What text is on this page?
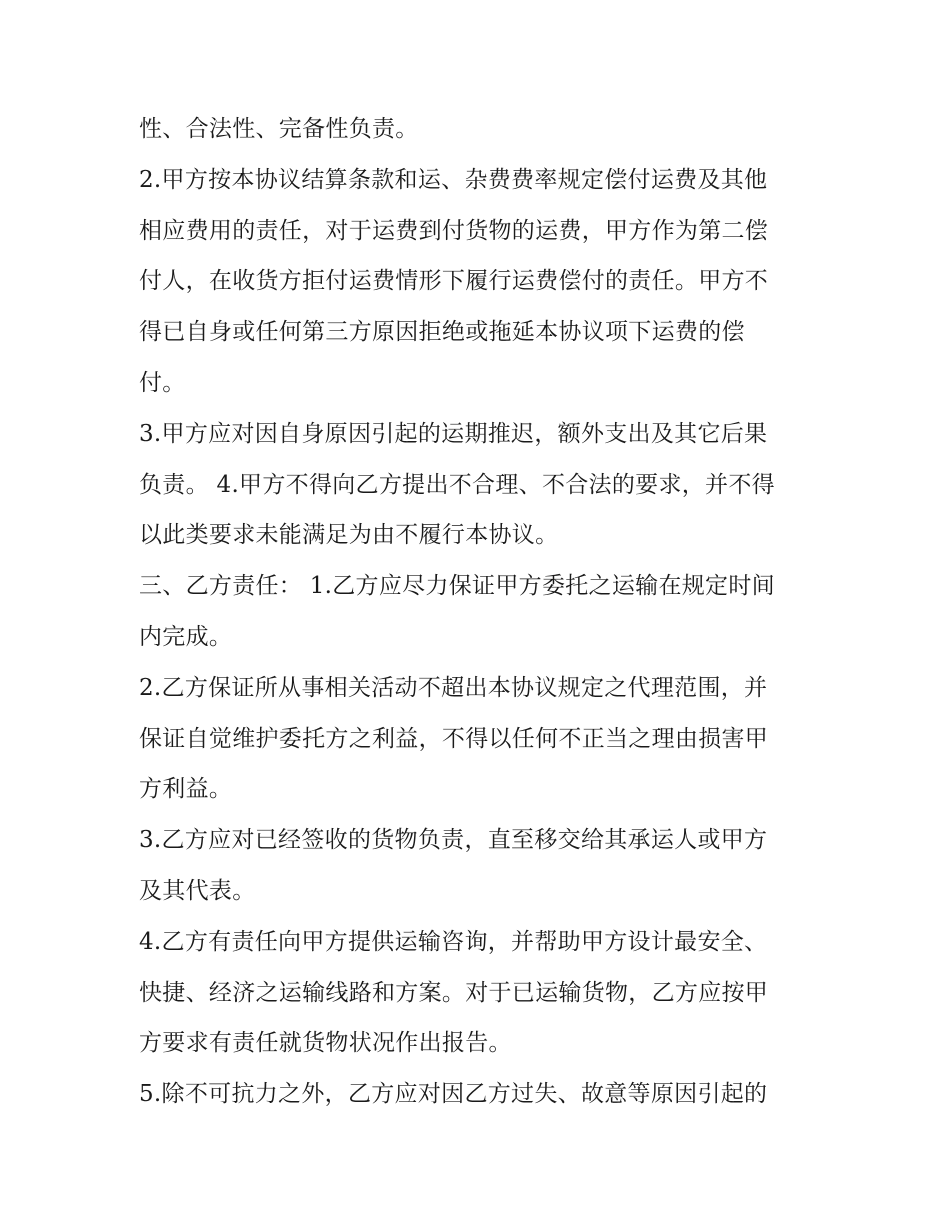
性、合法性、完备性负责。
2.甲方按本协议结算条款和运、杂费费率规定偿付运费及其他
相应费用的责任，对于运费到付货物的运费，甲方作为第二偿
付人，在收货方拒付运费情形下履行运费偿付的责任。甲方不
得已自身或任何第三方原因拒绝或拖延本协议项下运费的偿
付。
3.甲方应对因自身原因引起的运期推迟，额外支出及其它后果
负责。 4.甲方不得向乙方提出不合理、不合法的要求，并不得
以此类要求未能满足为由不履行本协议。
三、乙方责任： 1.乙方应尽力保证甲方委托之运输在规定时间
内完成。
2.乙方保证所从事相关活动不超出本协议规定之代理范围，并
保证自觉维护委托方之利益，不得以任何不正当之理由损害甲
方利益。
3.乙方应对已经签收的货物负责，直至移交给其承运人或甲方
及其代表。
4.乙方有责任向甲方提供运输咨询，并帮助甲方设计最安全、
快捷、经济之运输线路和方案。对于已运输货物，乙方应按甲
方要求有责任就货物状况作出报告。
5.除不可抗力之外，乙方应对因乙方过失、故意等原因引起的
